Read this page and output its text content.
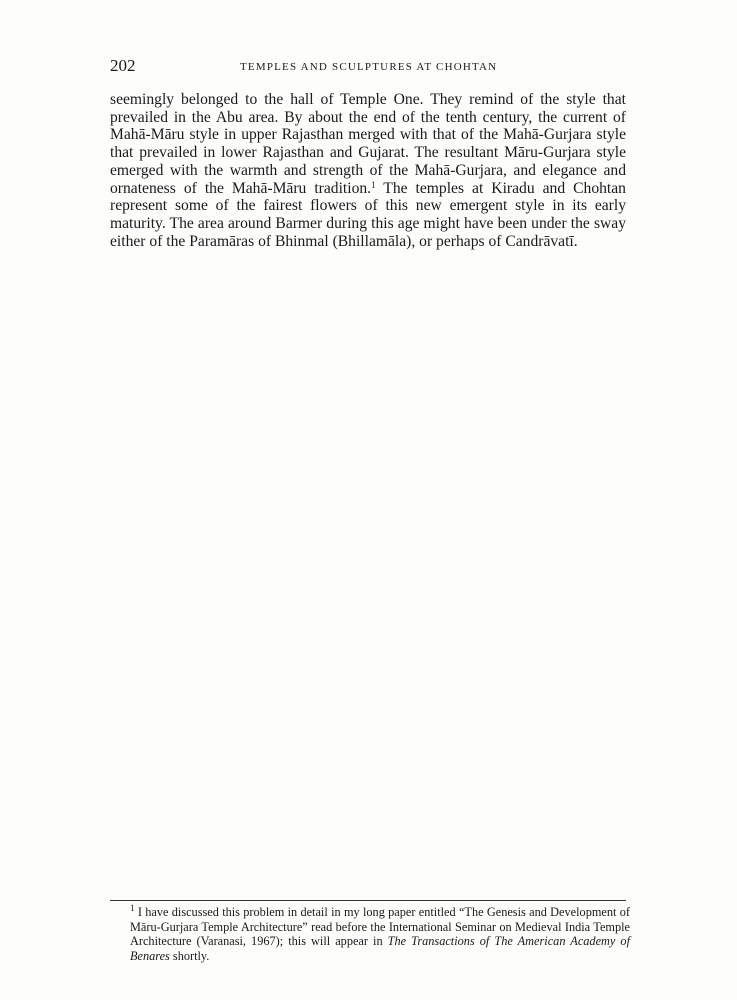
202	TEMPLES AND SCULPTURES AT CHOHTAN

seemingly belonged to the hall of Temple One. They remind of the style that prevailed in the Abu area. By about the end of the tenth century, the current of Mahā-Māru style in upper Rajasthan merged with that of the Mahā-Gurjara style that prevailed in lower Rajasthan and Gujarat. The resultant Māru-Gurjara style emerged with the warmth and strength of the Mahā-Gurjara, and elegance and ornateness of the Mahā-Māru tradition.$^1$ The temples at Kiradu and Chohtan represent some of the fairest flowers of this new emergent style in its early maturity. The area around Barmer during this age might have been under the sway either of the Paramāras of Bhinmal (Bhillamāla), or perhaps of Candrāvatī.

$^1$ I have discussed this problem in detail in my long paper entitled “The Genesis and Development of Māru-Gurjara Temple Architecture” read before the International Seminar on Medieval India Temple Architecture (Varanasi, 1967); this will appear in The Transactions of The American Academy of Benares shortly.
